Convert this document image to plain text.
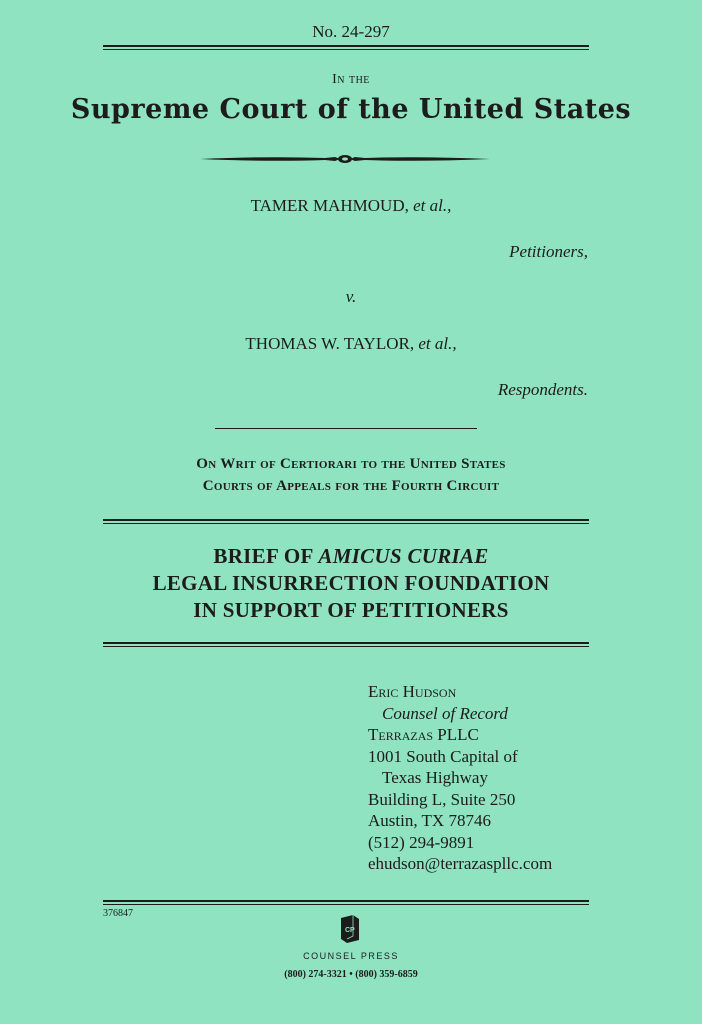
No. 24-297
In the
Supreme Court of the United States
TAMER MAHMOUD, et al.,
Petitioners,
v.
THOMAS W. TAYLOR, et al.,
Respondents.
On Writ of Certiorari to the United States
Courts of Appeals for the Fourth Circuit
BRIEF OF AMICUS CURIAE
LEGAL INSURRECTION FOUNDATION
IN SUPPORT OF PETITIONERS
Eric Hudson
Counsel of Record
Terrazas PLLC
1001 South Capital of
Texas Highway
Building L, Suite 250
Austin, TX 78746
(512) 294-9891
ehudson@terrazaspllc.com
376847
CP
COUNSEL PRESS
(800) 274-3321 • (800) 359-6859
